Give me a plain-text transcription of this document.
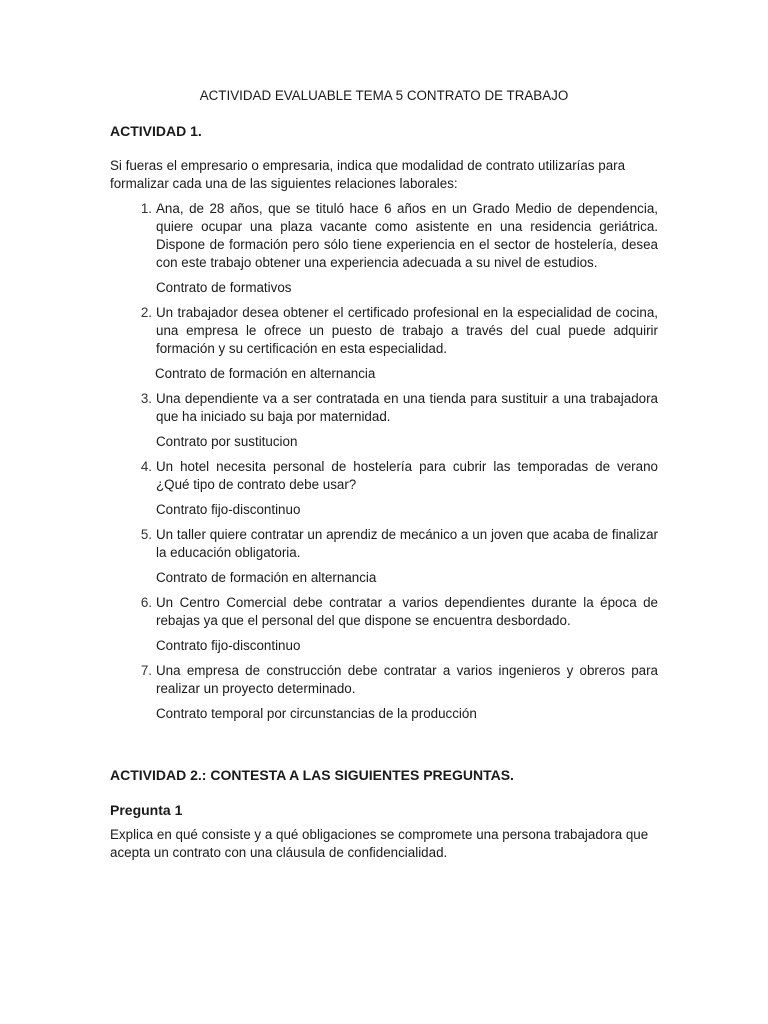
ACTIVIDAD EVALUABLE TEMA 5 CONTRATO DE TRABAJO
ACTIVIDAD 1.
Si fueras el empresario o empresaria, indica que modalidad de contrato utilizarías para formalizar cada una de las siguientes relaciones laborales:
1. Ana, de 28 años, que se tituló hace 6 años en un Grado Medio de dependencia, quiere ocupar una plaza vacante como asistente en una residencia geriátrica. Dispone de formación pero sólo tiene experiencia en el sector de hostelería, desea con este trabajo obtener una experiencia adecuada a su nivel de estudios.
Contrato de formativos
2. Un trabajador desea obtener el certificado profesional en la especialidad de cocina, una empresa le ofrece un puesto de trabajo a través del cual puede adquirir formación y su certificación en esta especialidad.
Contrato de formación en alternancia
3. Una dependiente va a ser contratada en una tienda para sustituir a una trabajadora que ha iniciado su baja por maternidad.
Contrato por sustitucion
4. Un hotel necesita personal de hostelería para cubrir las temporadas de verano ¿Qué tipo de contrato debe usar?
Contrato fijo-discontinuo
5. Un taller quiere contratar un aprendiz de mecánico a un joven que acaba de finalizar la educación obligatoria.
Contrato de formación en alternancia
6. Un Centro Comercial debe contratar a varios dependientes durante la época de rebajas ya que el personal del que dispone se encuentra desbordado.
Contrato fijo-discontinuo
7. Una empresa de construcción debe contratar a varios ingenieros y obreros para realizar un proyecto determinado.
Contrato temporal por circunstancias de la producción
ACTIVIDAD 2.: CONTESTA A LAS SIGUIENTES PREGUNTAS.
Pregunta 1
Explica en qué consiste y a qué obligaciones se compromete una persona trabajadora que acepta un contrato con una cláusula de confidencialidad.
